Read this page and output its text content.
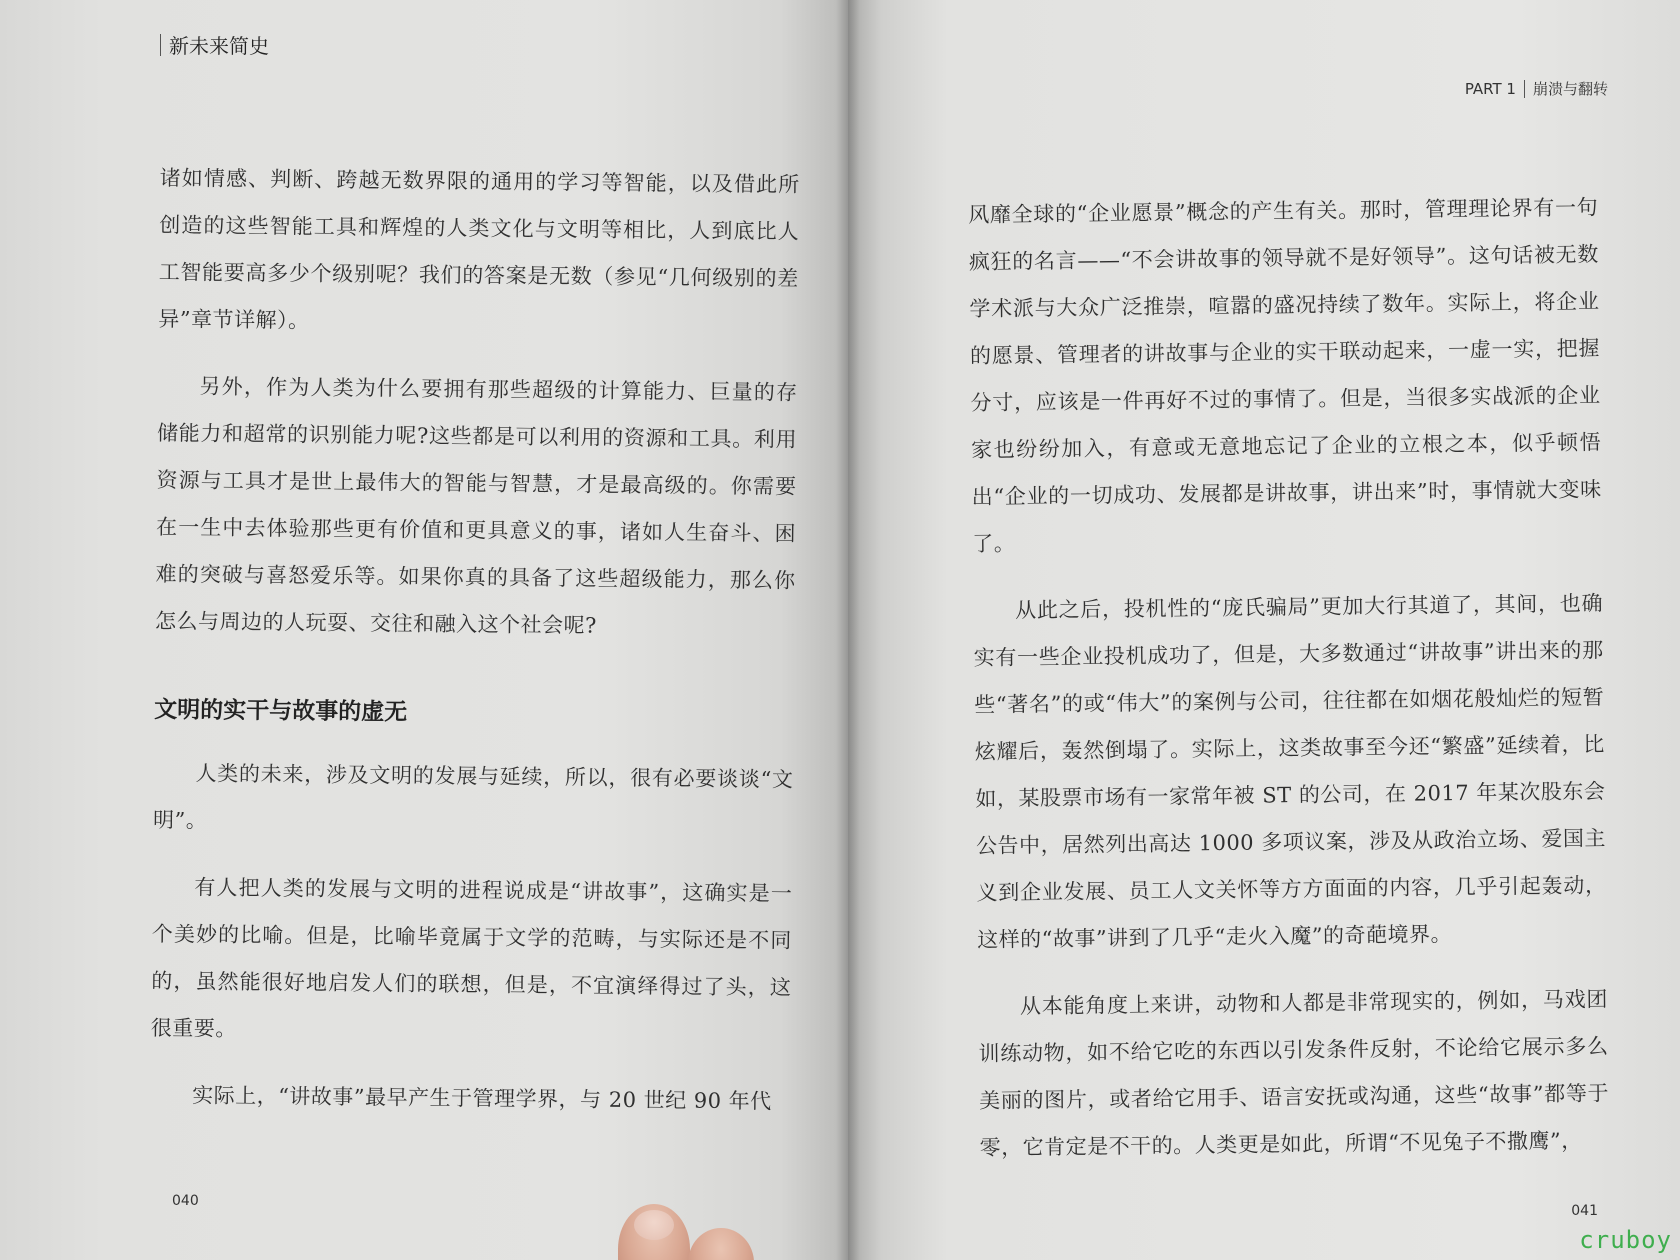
新未来简史

诸如情感、判断、跨越无数界限的通用的学习等智能，以及借此所创造的这些智能工具和辉煌的人类文化与文明等相比，人到底比人工智能要高多少个级别呢？我们的答案是无数（参见“几何级别的差异”章节详解）。

另外，作为人类为什么要拥有那些超级的计算能力、巨量的存储能力和超常的识别能力呢?这些都是可以利用的资源和工具。利用资源与工具才是世上最伟大的智能与智慧，才是最高级的。你需要在一生中去体验那些更有价值和更具意义的事，诸如人生奋斗、困难的突破与喜怒爱乐等。如果你真的具备了这些超级能力，那么你怎么与周边的人玩耍、交往和融入这个社会呢?

文明的实干与故事的虚无

人类的未来，涉及文明的发展与延续，所以，很有必要谈谈“文明”。

有人把人类的发展与文明的进程说成是“讲故事”，这确实是一个美妙的比喻。但是，比喻毕竟属于文学的范畴，与实际还是不同的，虽然能很好地启发人们的联想，但是，不宜演绎得过了头，这很重要。

实际上，“讲故事”最早产生于管理学界，与 20 世纪 90 年代

040
PART 1 崩溃与翻转
041

风靡全球的“企业愿景”概念的产生有关。那时，管理理论界有一句疯狂的名言——“不会讲故事的领导就不是好领导”。这句话被无数学术派与大众广泛推崇，喧嚣的盛况持续了数年。实际上，将企业的愿景、管理者的讲故事与企业的实干联动起来，一虚一实，把握分寸，应该是一件再好不过的事情了。但是，当很多实战派的企业家也纷纷加入，有意或无意地忘记了企业的立根之本，似乎顿悟出“企业的一切成功、发展都是讲故事，讲出来”时，事情就大变味了。

从此之后，投机性的“庞氏骗局”更加大行其道了，其间，也确实有一些企业投机成功了，但是，大多数通过“讲故事”讲出来的那些“著名”的或“伟大”的案例与公司，往往都在如烟花般灿烂的短暂炫耀后，轰然倒塌了。实际上，这类故事至今还“繁盛”延续着，比如，某股票市场有一家常年被 ST 的公司，在 2017 年某次股东会公告中，居然列出高达 1000 多项议案，涉及从政治立场、爱国主义到企业发展、员工人文关怀等方方面面的内容，几乎引起轰动，这样的“故事”讲到了几乎“走火入魔”的奇葩境界。

从本能角度上来讲，动物和人都是非常现实的，例如，马戏团训练动物，如不给它吃的东西以引发条件反射，不论给它展示多么美丽的图片，或者给它用手、语言安抚或沟通，这些“故事”都等于零，它肯定是不干的。人类更是如此，所谓“不见兔子不撒鹰”，

cruboy
